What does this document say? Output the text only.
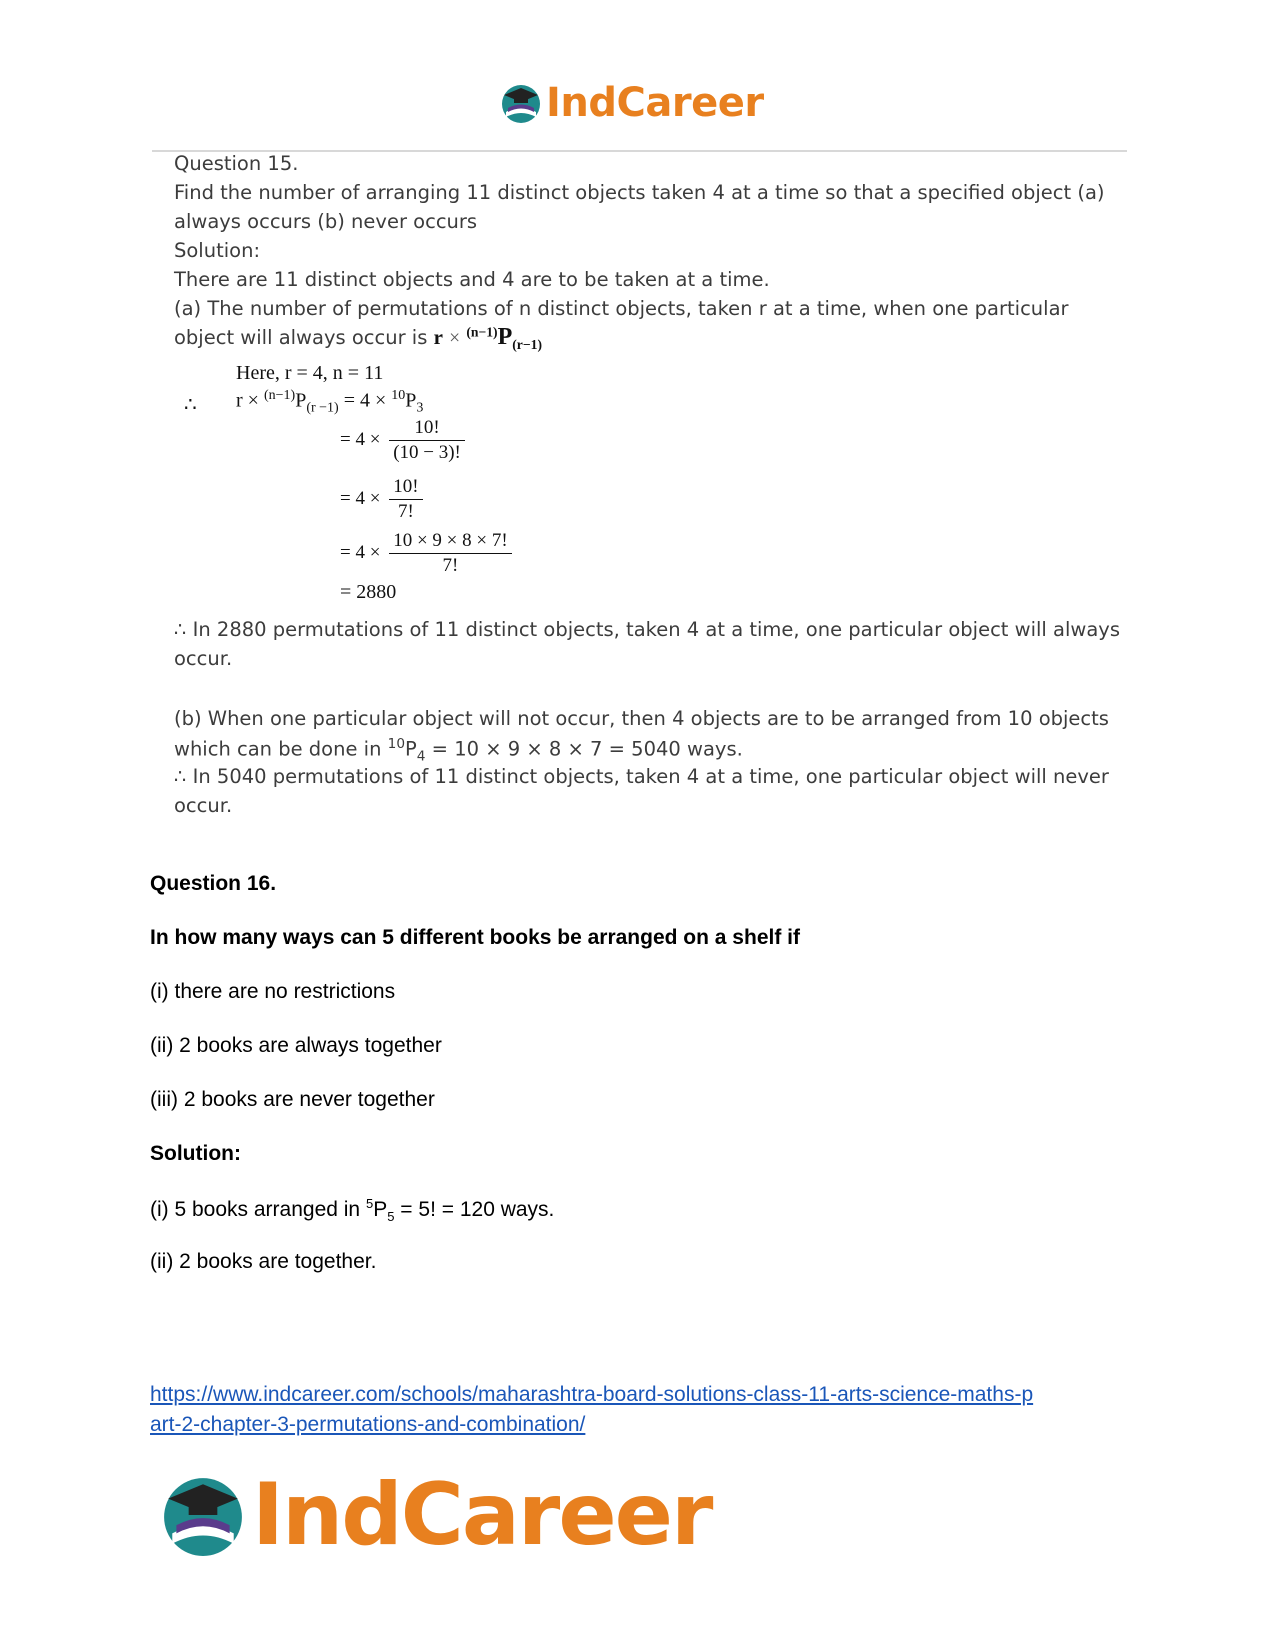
IndCareer
Question 15.
Find the number of arranging 11 distinct objects taken 4 at a time so that a specified object (a)
always occurs (b) never occurs
Solution:
There are 11 distinct objects and 4 are to be taken at a time.
(a) The number of permutations of n distinct objects, taken r at a time, when one particular
object will always occur is $r \times ^{(n-1)}P_{(r-1)}$
Here, r = 4, n = 11
∴ $r \times ^{(n-1)}P_{(r -1)} = 4 \times ^{10}P_3$
= $4 \times \frac{10!}{(10 - 3)!}$
= $4 \times \frac{10!}{7!}$
= $4 \times \frac{10 \times 9 \times 8 \times 7!}{7!}$
= 2880
∴ In 2880 permutations of 11 distinct objects, taken 4 at a time, one particular object will always
occur.
(b) When one particular object will not occur, then 4 objects are to be arranged from 10 objects
which can be done in $^{10}P_4 = 10 \times 9 \times 8 \times 7 = 5040$ ways.
∴ In 5040 permutations of 11 distinct objects, taken 4 at a time, one particular object will never
occur.
Question 16.
In how many ways can 5 different books be arranged on a shelf if
(i) there are no restrictions
(ii) 2 books are always together
(iii) 2 books are never together
Solution:
(i) 5 books arranged in $^5P_5 = 5$! = 120 ways.
(ii) 2 books are together.
https://www.indcareer.com/schools/maharashtra-board-solutions-class-11-arts-science-maths-p
art-2-chapter-3-permutations-and-combination/
IndCareer
